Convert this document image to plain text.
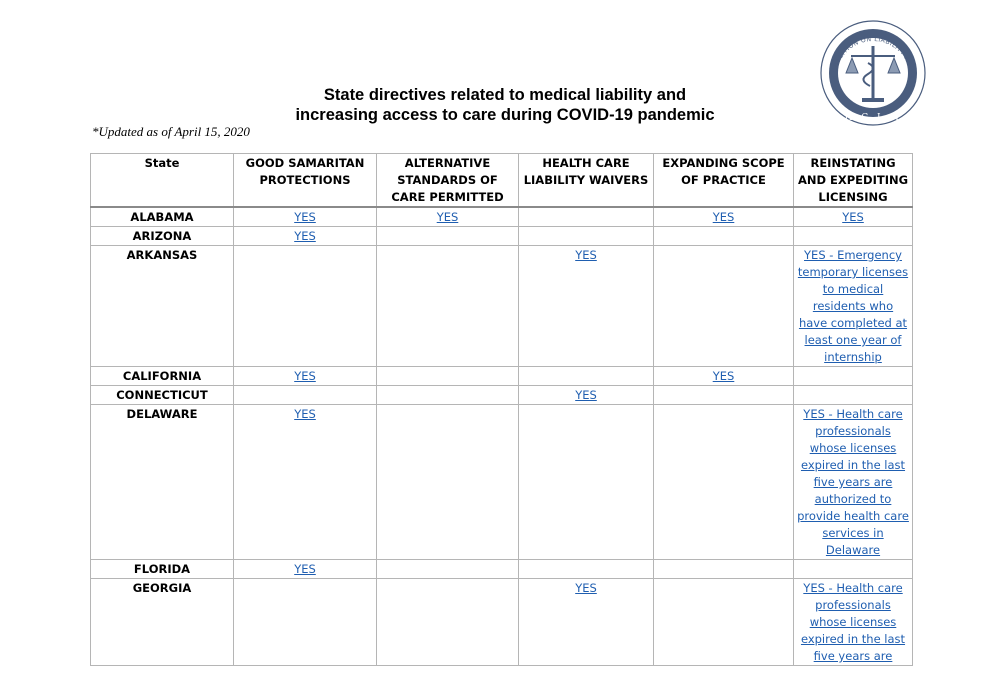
State directives related to medical liability and
increasing access to care during COVID-19 pandemic
*Updated as of April 15, 2020
H COALITION ON LIABILITY AND A
H C L A
State	GOOD SAMARITAN PROTECTIONS	ALTERNATIVE STANDARDS OF CARE PERMITTED	HEALTH CARE LIABILITY WAIVERS	EXPANDING SCOPE OF PRACTICE	REINSTATING AND EXPEDITING LICENSING
ALABAMA	YES	YES		YES	YES
ARIZONA	YES				
ARKANSAS			YES		YES - Emergency temporary licenses to medical residents who have completed at least one year of internship
CALIFORNIA	YES			YES	
CONNECTICUT			YES		
DELAWARE	YES				YES - Health care professionals whose licenses expired in the last five years are authorized to provide health care services in Delaware
FLORIDA	YES				
GEORGIA			YES		YES - Health care professionals whose licenses expired in the last five years are
